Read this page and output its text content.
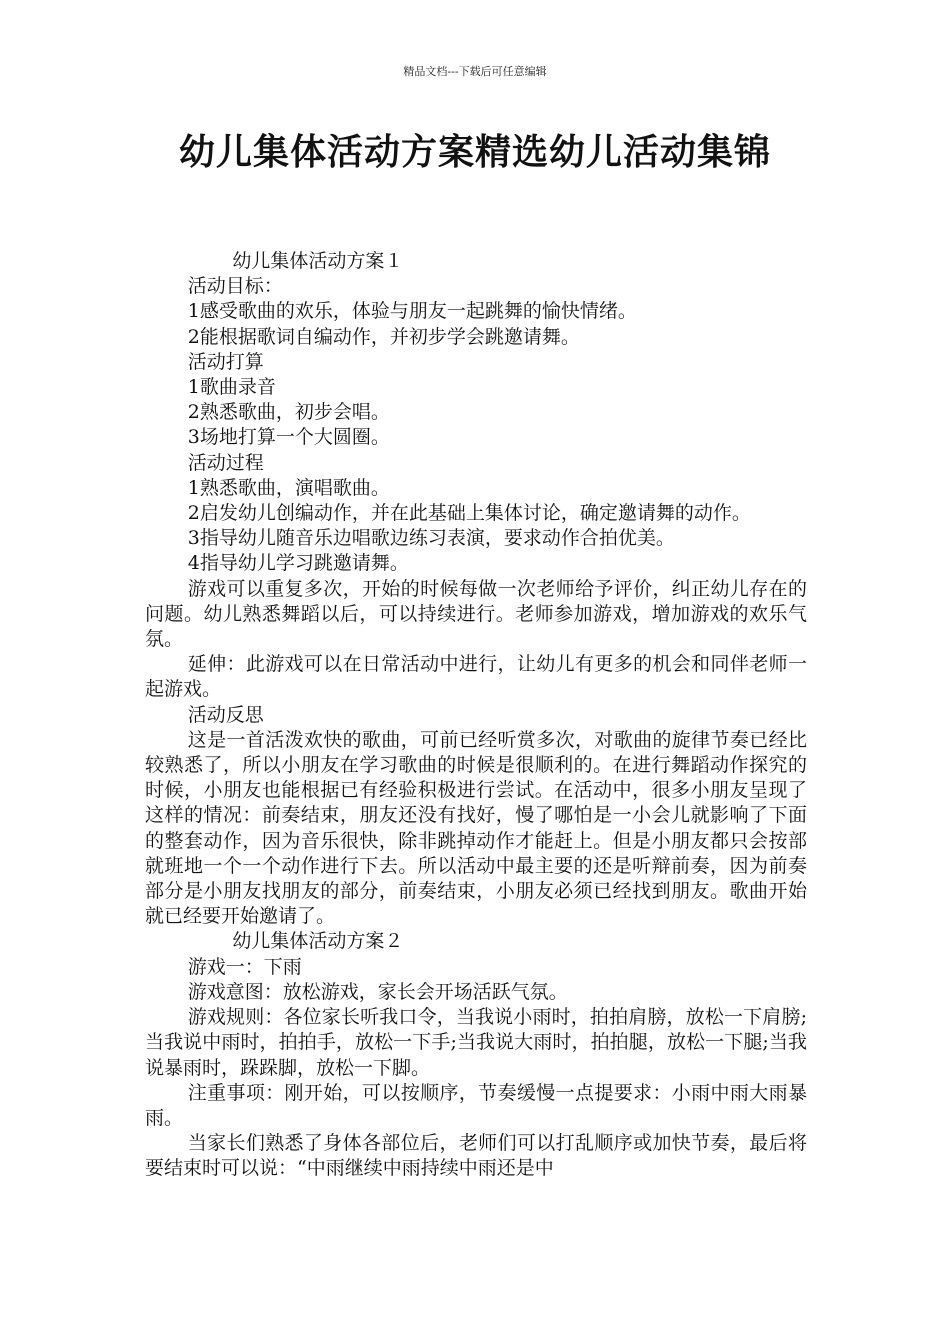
精品文档---下载后可任意编辑
幼儿集体活动方案精选幼儿活动集锦

幼儿集体活动方案１

活动目标：

1感受歌曲的欢乐，体验与朋友一起跳舞的愉快情绪。

2能根据歌词自编动作，并初步学会跳邀请舞。

活动打算

1歌曲录音

2熟悉歌曲，初步会唱。

3场地打算一个大圆圈。

活动过程

1熟悉歌曲，演唱歌曲。

2启发幼儿创编动作，并在此基础上集体讨论，确定邀请舞的动作。

3指导幼儿随音乐边唱歌边练习表演，要求动作合拍优美。

4指导幼儿学习跳邀请舞。

游戏可以重复多次，开始的时候每做一次老师给予评价，纠正幼儿存在的问题。幼儿熟悉舞蹈以后，可以持续进行。老师参加游戏，增加游戏的欢乐气氛。

延伸：此游戏可以在日常活动中进行，让幼儿有更多的机会和同伴老师一起游戏。

活动反思

这是一首活泼欢快的歌曲，可前已经听赏多次，对歌曲的旋律节奏已经比较熟悉了，所以小朋友在学习歌曲的时候是很顺利的。在进行舞蹈动作探究的时候，小朋友也能根据已有经验积极进行尝试。在活动中，很多小朋友呈现了这样的情况：前奏结束，朋友还没有找好，慢了哪怕是一小会儿就影响了下面的整套动作，因为音乐很快，除非跳掉动作才能赶上。但是小朋友都只会按部就班地一个一个动作进行下去。所以活动中最主要的还是听辩前奏，因为前奏部分是小朋友找朋友的部分，前奏结束，小朋友必须已经找到朋友。歌曲开始就已经要开始邀请了。

幼儿集体活动方案２

游戏一：下雨

游戏意图：放松游戏，家长会开场活跃气氛。

游戏规则：各位家长听我口令，当我说小雨时，拍拍肩膀，放松一下肩膀;当我说中雨时，拍拍手，放松一下手;当我说大雨时，拍拍腿，放松一下腿;当我说暴雨时，跺跺脚，放松一下脚。

注重事项：刚开始，可以按顺序，节奏缓慢一点提要求：小雨中雨大雨暴雨。

当家长们熟悉了身体各部位后，老师们可以打乱顺序或加快节奏，最后将要结束时可以说：“中雨继续中雨持续中雨还是中
